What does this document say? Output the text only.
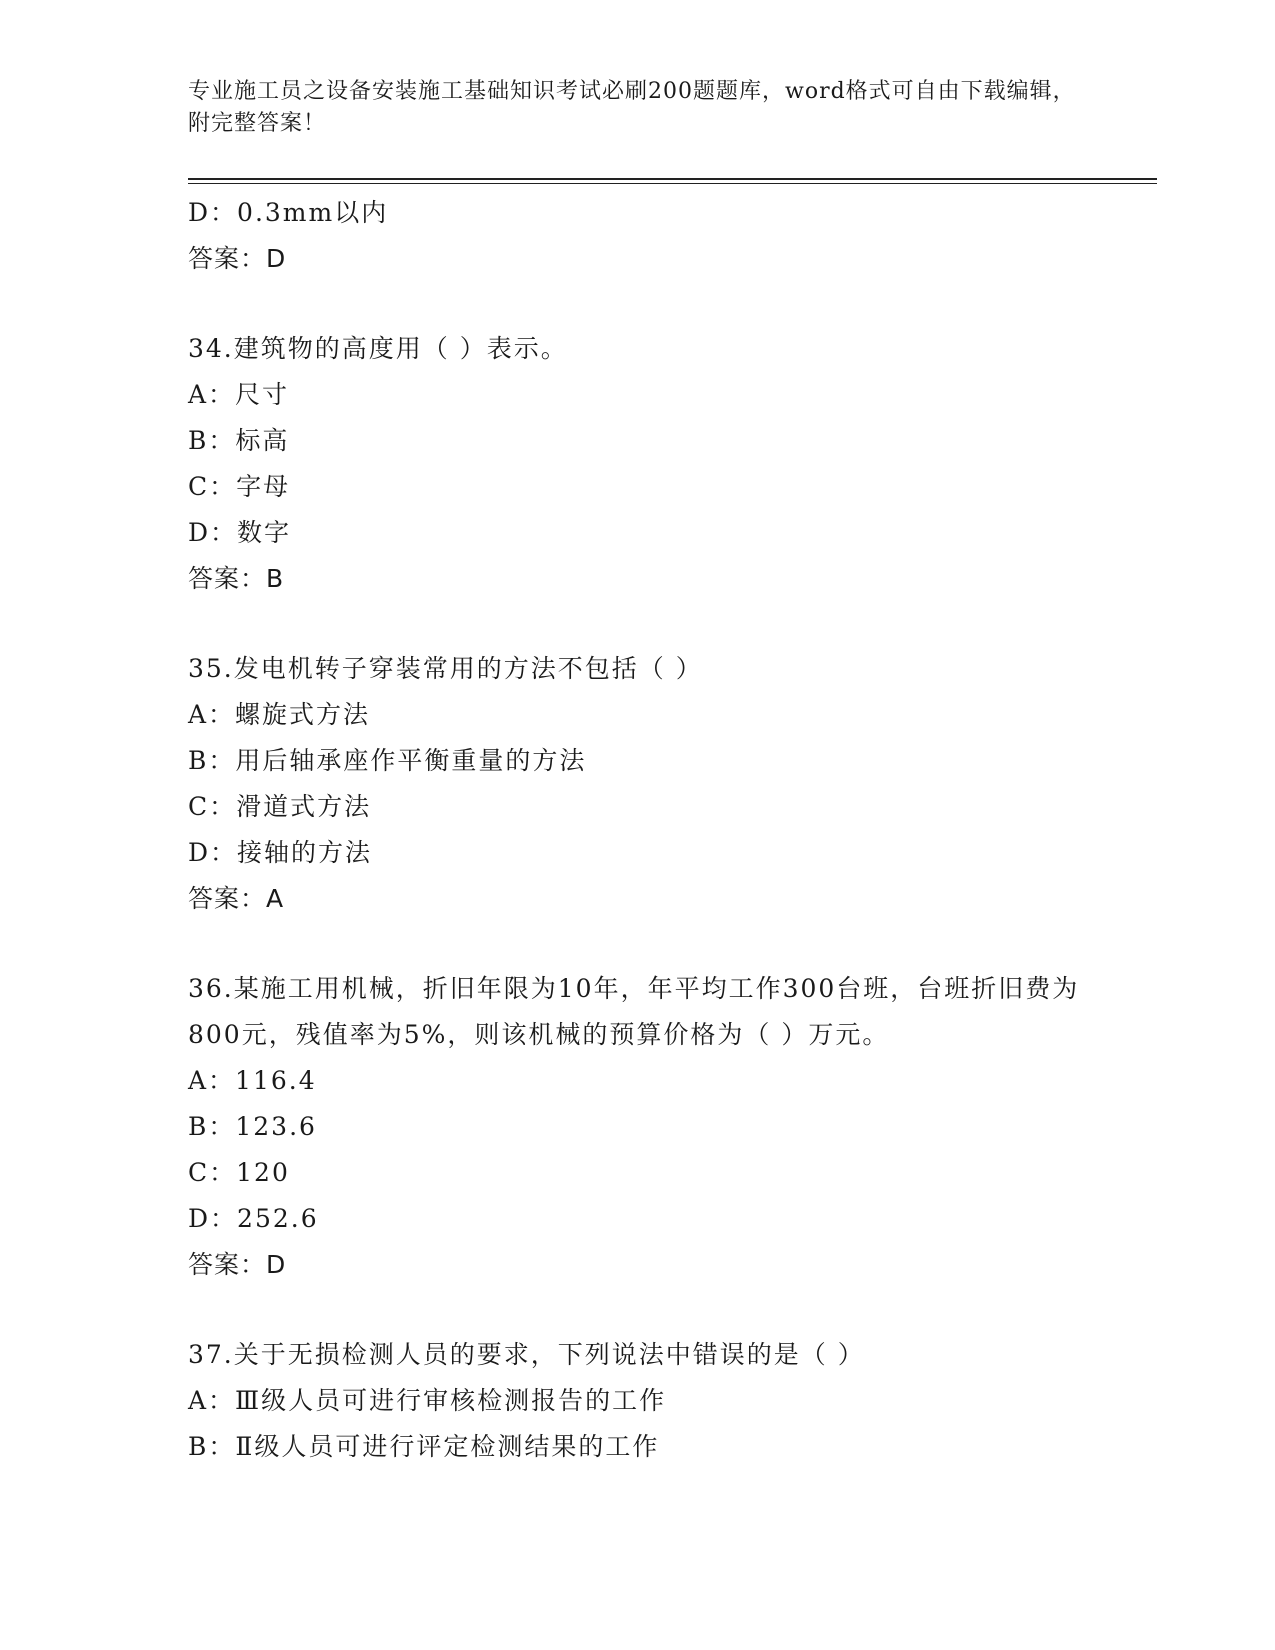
专业施工员之设备安装施工基础知识考试必刷200题题库，word格式可自由下载编辑，附完整答案！
D：0.3mm以内
答案：D
34.建筑物的高度用（ ）表示。
A：尺寸
B：标高
C：字母
D：数字
答案：B
35.发电机转子穿装常用的方法不包括（ ）
A：螺旋式方法
B：用后轴承座作平衡重量的方法
C：滑道式方法
D：接轴的方法
答案：A
36.某施工用机械，折旧年限为10年，年平均工作300台班，台班折旧费为800元，残值率为5%，则该机械的预算价格为（ ）万元。
A：116.4
B：123.6
C：120
D：252.6
答案：D
37.关于无损检测人员的要求，下列说法中错误的是（ ）
A：Ⅲ级人员可进行审核检测报告的工作
B：Ⅱ级人员可进行评定检测结果的工作
